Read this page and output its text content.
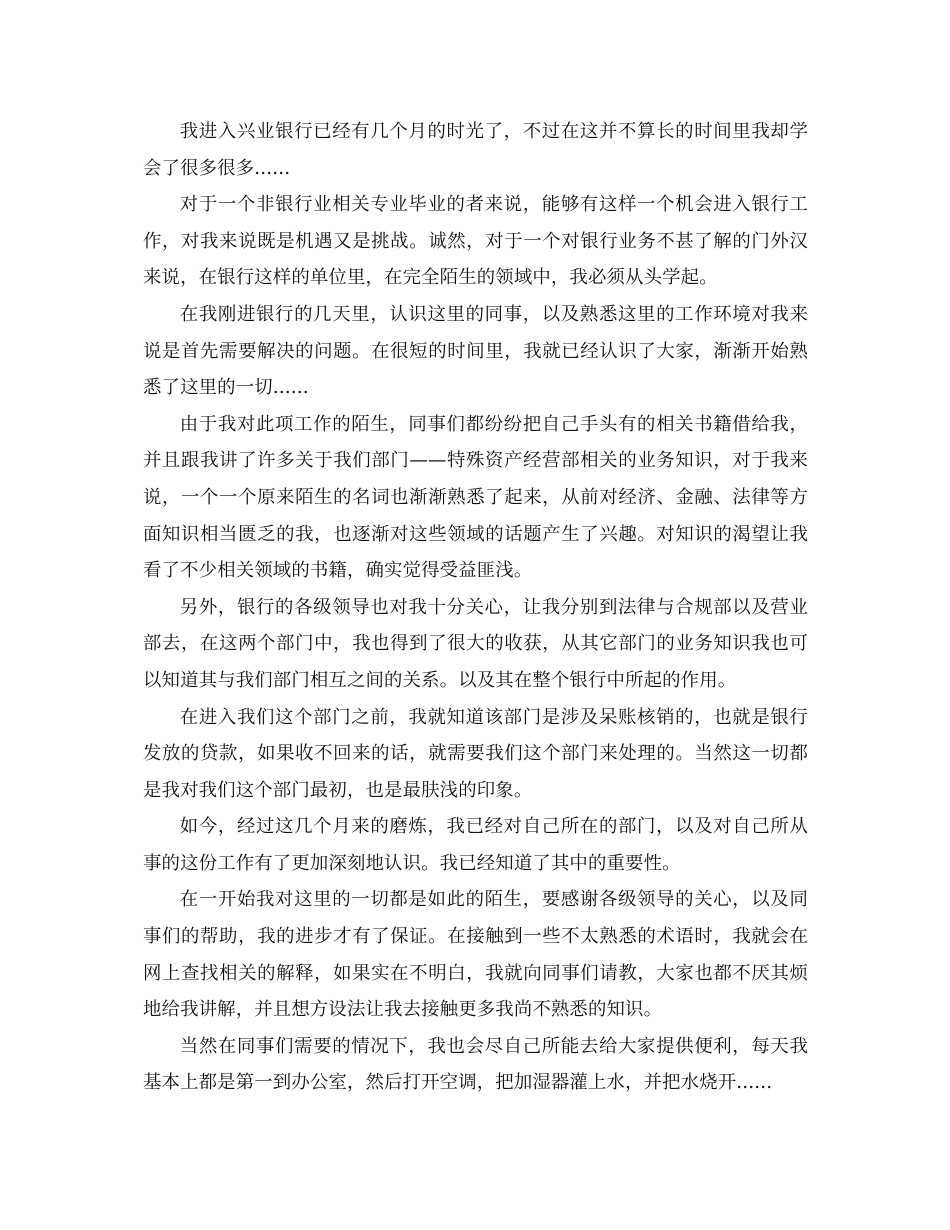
我进入兴业银行已经有几个月的时光了，不过在这并不算长的时间里我却学会了很多很多......

对于一个非银行业相关专业毕业的者来说，能够有这样一个机会进入银行工作，对我来说既是机遇又是挑战。诚然，对于一个对银行业务不甚了解的门外汉来说，在银行这样的单位里，在完全陌生的领域中，我必须从头学起。

在我刚进银行的几天里，认识这里的同事，以及熟悉这里的工作环境对我来说是首先需要解决的问题。在很短的时间里，我就已经认识了大家，渐渐开始熟悉了这里的一切......

由于我对此项工作的陌生，同事们都纷纷把自己手头有的相关书籍借给我，并且跟我讲了许多关于我们部门——特殊资产经营部相关的业务知识，对于我来说，一个一个原来陌生的名词也渐渐熟悉了起来，从前对经济、金融、法律等方面知识相当匮乏的我，也逐渐对这些领域的话题产生了兴趣。对知识的渴望让我看了不少相关领域的书籍，确实觉得受益匪浅。

另外，银行的各级领导也对我十分关心，让我分别到法律与合规部以及营业部去，在这两个部门中，我也得到了很大的收获，从其它部门的业务知识我也可以知道其与我们部门相互之间的关系。以及其在整个银行中所起的作用。

在进入我们这个部门之前，我就知道该部门是涉及呆账核销的，也就是银行发放的贷款，如果收不回来的话，就需要我们这个部门来处理的。当然这一切都是我对我们这个部门最初，也是最肤浅的印象。

如今，经过这几个月来的磨炼，我已经对自己所在的部门，以及对自己所从事的这份工作有了更加深刻地认识。我已经知道了其中的重要性。

在一开始我对这里的一切都是如此的陌生，要感谢各级领导的关心，以及同事们的帮助，我的进步才有了保证。在接触到一些不太熟悉的术语时，我就会在网上查找相关的解释，如果实在不明白，我就向同事们请教，大家也都不厌其烦地给我讲解，并且想方设法让我去接触更多我尚不熟悉的知识。

当然在同事们需要的情况下，我也会尽自己所能去给大家提供便利，每天我基本上都是第一到办公室，然后打开空调，把加湿器灌上水，并把水烧开......
